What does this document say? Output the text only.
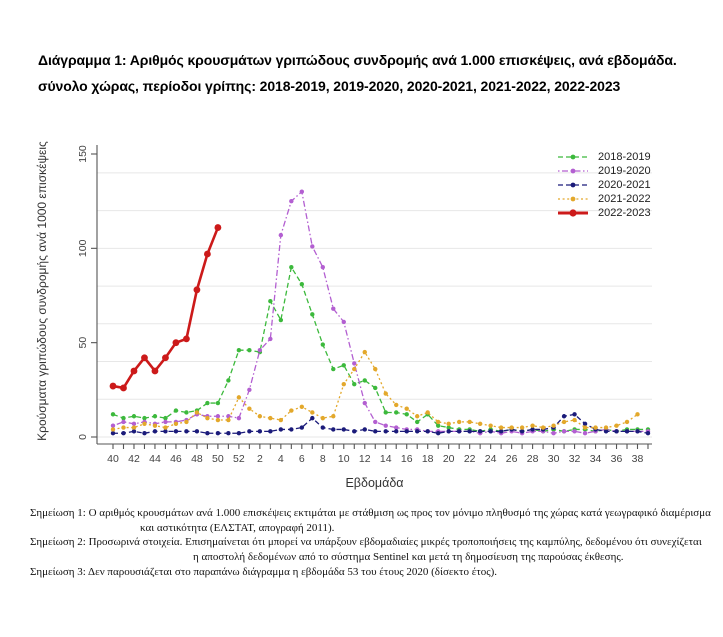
Διάγραμμα 1: Αριθμός κρουσμάτων γριπώδους συνδρομής ανά 1.000 επισκέψεις, ανά εβδομάδα.
σύνολο χώρας, περίοδοι γρίπης: 2018-2019, 2019-2020, 2020-2021, 2021-2022, 2022-2023
0
50
100
150
40 42 44 46 48 50 52 2 4 6 8 10 12 14 16 18 20 22 24 26 28 30 32 34 36 38
Εβδομάδα
Κρούσματα γριπώδους συνδρομής ανά 1000 επισκέψεις	2018-2019
2019-2020
2020-2021
2021-2022
2022-2023
Σημείωση 1: Ο αριθμός κρουσμάτων ανά 1.000 επισκέψεις εκτιμάται με στάθμιση ως προς τον μόνιμο πληθυσμό της χώρας κατά γεωγραφικό διαμέρισμα
και αστικότητα (ΕΛΣΤΑΤ, απογραφή 2011).
Σημείωση 2: Προσωρινά στοιχεία. Επισημαίνεται ότι μπορεί να υπάρξουν εβδομαδιαίες μικρές τροποποιήσεις της καμπύλης, δεδομένου ότι συνεχίζεται
η αποστολή δεδομένων από το σύστημα Sentinel και μετά τη δημοσίευση της παρούσας έκθεσης.
Σημείωση 3: Δεν παρουσιάζεται στο παραπάνω διάγραμμα η εβδομάδα 53 του έτους 2020 (δίσεκτο έτος).
